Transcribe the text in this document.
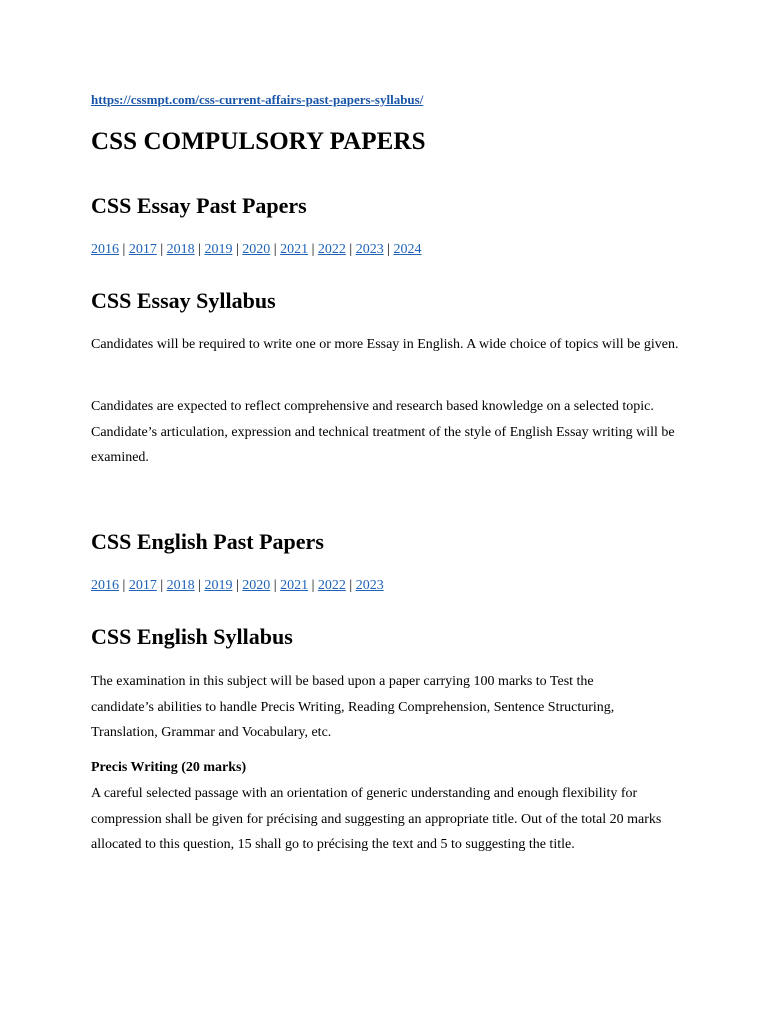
https://cssmpt.com/css-current-affairs-past-papers-syllabus/
CSS COMPULSORY PAPERS
CSS Essay Past Papers
2016 | 2017 | 2018 | 2019 | 2020 | 2021 | 2022 | 2023 | 2024
CSS Essay Syllabus

Candidates will be required to write one or more Essay in English. A wide choice of topics will be given.

Candidates are expected to reflect comprehensive and research based knowledge on a selected topic. Candidate’s articulation, expression and technical treatment of the style of English Essay writing will be examined.

CSS English Past Papers
2016 | 2017 | 2018 | 2019 | 2020 | 2021 | 2022 | 2023
CSS English Syllabus

The examination in this subject will be based upon a paper carrying 100 marks to Test the candidate’s abilities to handle Precis Writing, Reading Comprehension, Sentence Structuring, Translation, Grammar and Vocabulary, etc.

Precis Writing (20 marks)

A careful selected passage with an orientation of generic understanding and enough flexibility for compression shall be given for précising and suggesting an appropriate title. Out of the total 20 marks allocated to this question, 15 shall go to précising the text and 5 to suggesting the title.
